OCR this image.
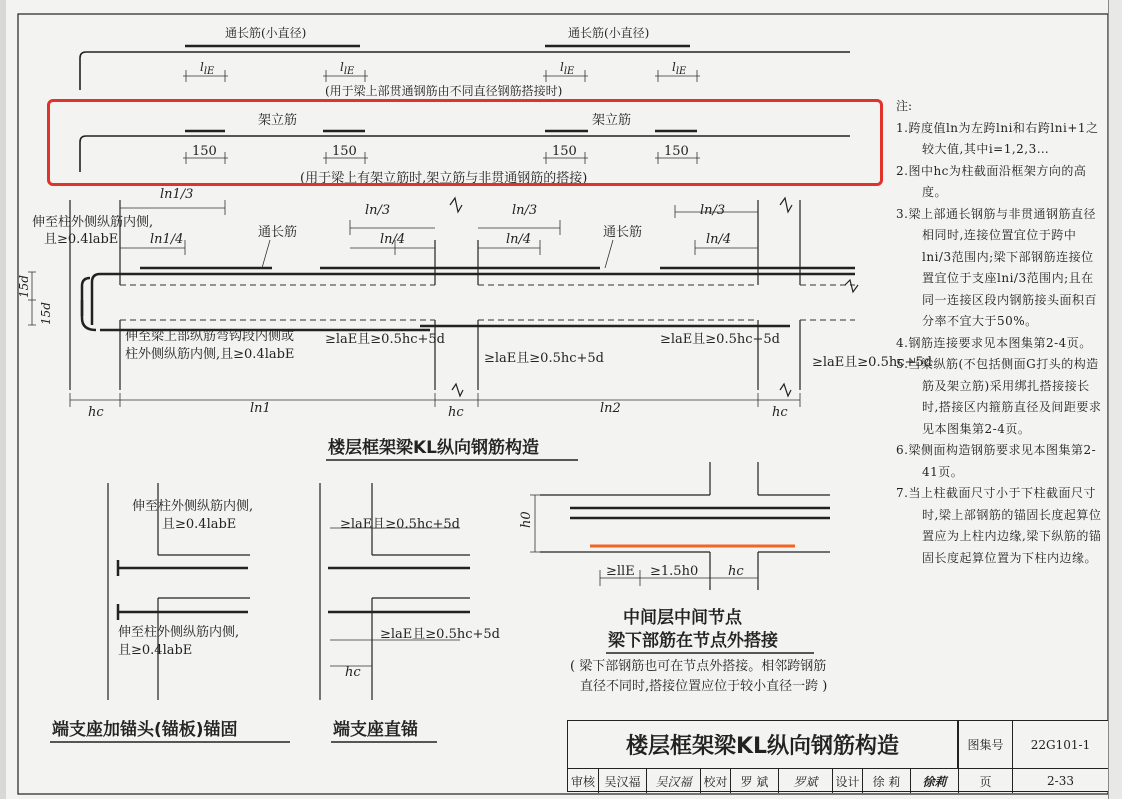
通长筋(小直径)	通长筋(小直径)
$l_{lE}$	$l_{lE}$	$l_{lE}$	$l_{lE}$
(用于梁上部贯通钢筋由不同直径钢筋搭接时)
架立筋	架立筋
150	150	150	150
(用于梁上有架立筋时,架立筋与非贯通钢筋的搭接)
ln1/3
ln1/4
ln/3
ln/4
ln/3
ln/4
ln/3
ln/4
通长筋	通长筋
伸至柱外侧纵筋内侧,
且≥0.4labE
伸至梁上部纵筋弯钩段内侧或
柱外侧纵筋内侧,且≥0.4labE
15d
15d
≥laE且≥0.5hc+5d
≥laE且≥0.5hc+5d
≥laE且≥0.5hc+5d
≥laE且≥0.5hc+5d
hc	ln1	hc	ln2	hc
楼层框架梁KL纵向钢筋构造
伸至柱外侧纵筋内侧,
且≥0.4labE
伸至柱外侧纵筋内侧,
且≥0.4labE
端支座加锚头(锚板)锚固
≥laE且≥0.5hc+5d
≥laE且≥0.5hc+5d
hc
端支座直锚
h0
≥llE ≥1.5h0 hc
中间层中间节点
梁下部筋在节点外搭接
( 梁下部钢筋也可在节点外搭接。相邻跨钢筋
直径不同时,搭接位置应位于较小直径一跨 )
注:
1.跨度值ln为左跨lni和右跨lni+1之较大值,其中i=1,2,3…
2.图中hc为柱截面沿框架方向的高度。
3.梁上部通长钢筋与非贯通钢筋直径相同时,连接位置宜位于跨中lni/3范围内;梁下部钢筋连接位置宜位于支座lni/3范围内;且在同一连接区段内钢筋接头面积百分率不宜大于50%。
4.钢筋连接要求见本图集第2-4页。
5.当梁纵筋(不包括侧面G打头的构造筋及架立筋)采用绑扎搭接接长时,搭接区内箍筋直径及间距要求见本图集第2-4页。
6.梁侧面构造钢筋要求见本图集第2-41页。
7.当上柱截面尺寸小于下柱截面尺寸时,梁上部钢筋的锚固长度起算位置应为上柱内边缘,梁下纵筋的锚固长度起算位置为下柱内边缘。
楼层框架梁KL纵向钢筋构造	图集号	22G101-1
审核 吴汉福	吴汉福 校对	罗 斌	罗斌	设计	徐 莉	徐莉	页	2-33
